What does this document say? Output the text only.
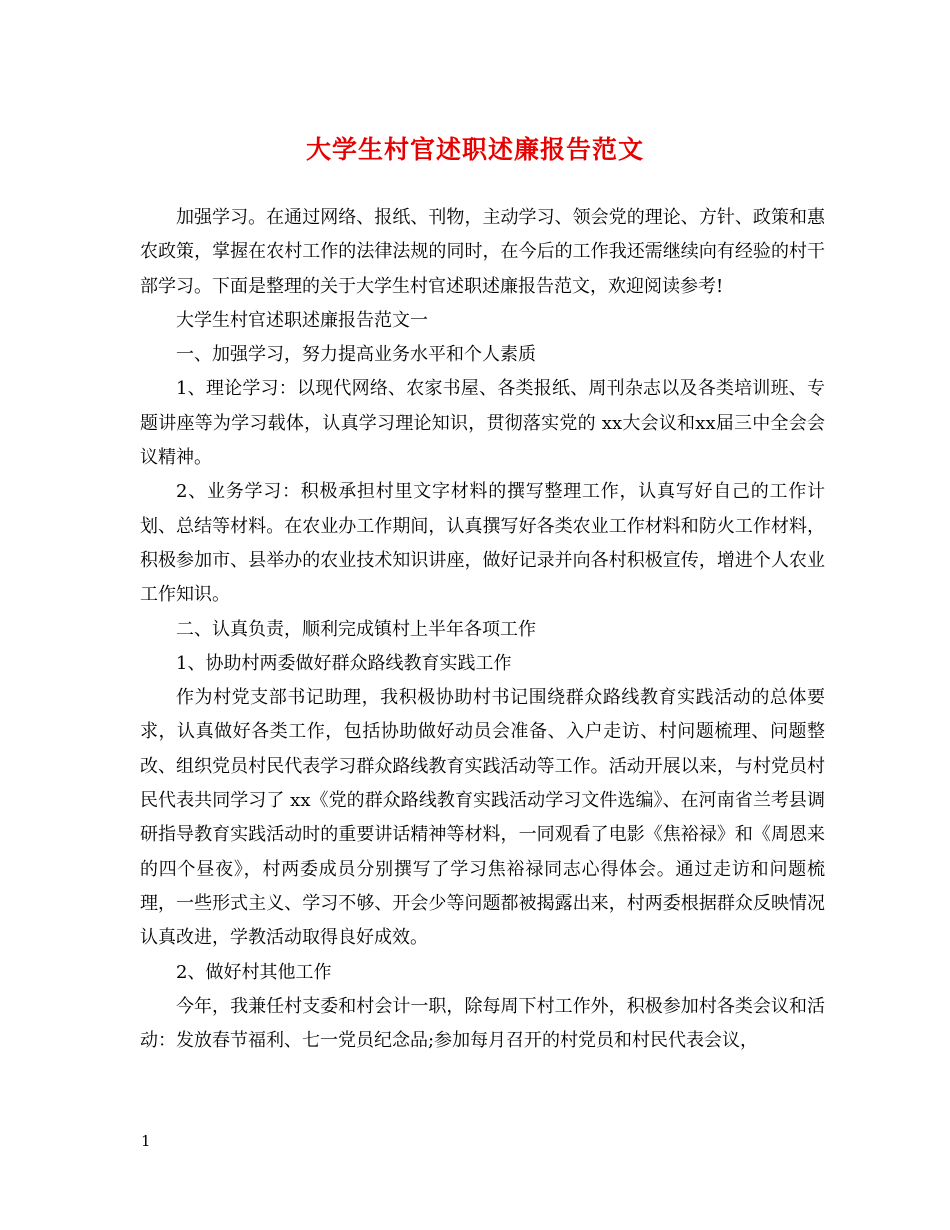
大学生村官述职述廉报告范文

加强学习。在通过网络、报纸、刊物，主动学习、领会党的理论、方针、政策和惠农政策，掌握在农村工作的法律法规的同时，在今后的工作我还需继续向有经验的村干部学习。下面是整理的关于大学生村官述职述廉报告范文，欢迎阅读参考!

大学生村官述职述廉报告范文一

一、加强学习，努力提高业务水平和个人素质

1、理论学习：以现代网络、农家书屋、各类报纸、周刊杂志以及各类培训班、专题讲座等为学习载体，认真学习理论知识，贯彻落实党的 xx大会议和xx届三中全会会议精神。

2、业务学习：积极承担村里文字材料的撰写整理工作，认真写好自己的工作计划、总结等材料。在农业办工作期间，认真撰写好各类农业工作材料和防火工作材料，积极参加市、县举办的农业技术知识讲座，做好记录并向各村积极宣传，增进个人农业工作知识。

二、认真负责，顺利完成镇村上半年各项工作

1、协助村两委做好群众路线教育实践工作

作为村党支部书记助理，我积极协助村书记围绕群众路线教育实践活动的总体要求，认真做好各类工作，包括协助做好动员会准备、入户走访、村问题梳理、问题整改、组织党员村民代表学习群众路线教育实践活动等工作。活动开展以来，与村党员村民代表共同学习了 xx《党的群众路线教育实践活动学习文件选编》、在河南省兰考县调研指导教育实践活动时的重要讲话精神等材料，一同观看了电影《焦裕禄》和《周恩来的四个昼夜》，村两委成员分别撰写了学习焦裕禄同志心得体会。通过走访和问题梳理，一些形式主义、学习不够、开会少等问题都被揭露出来，村两委根据群众反映情况认真改进，学教活动取得良好成效。

2、做好村其他工作

今年，我兼任村支委和村会计一职，除每周下村工作外，积极参加村各类会议和活动：发放春节福利、七一党员纪念品;参加每月召开的村党员和村民代表会议，

1
